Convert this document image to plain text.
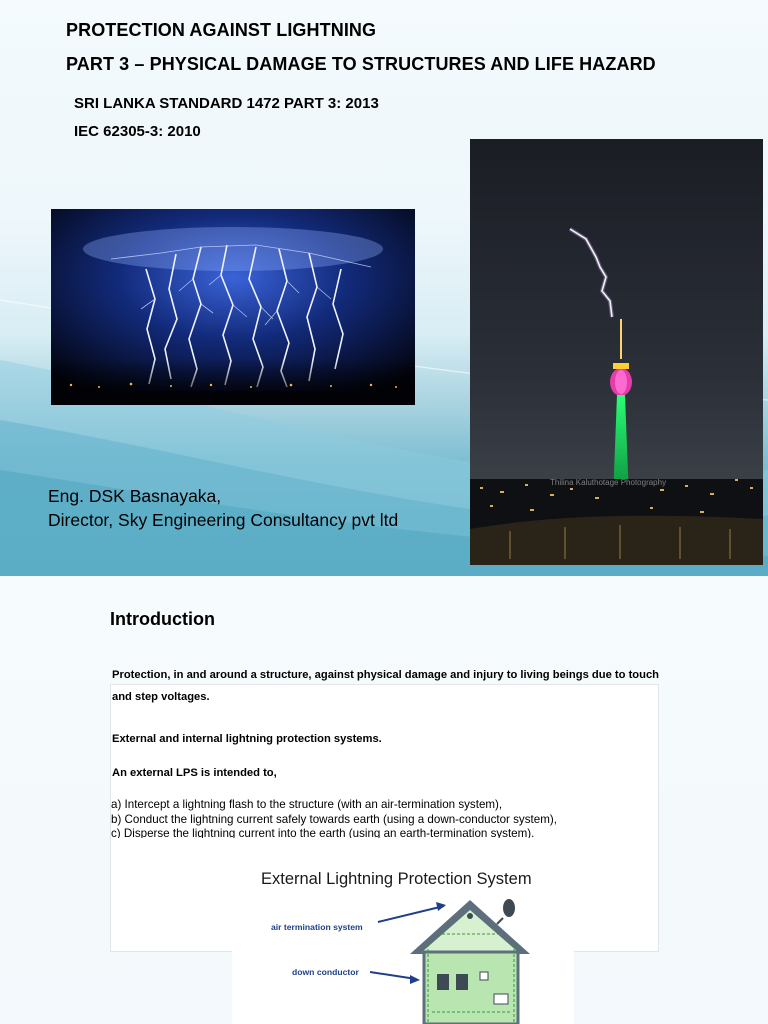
PROTECTION AGAINST LIGHTNING
PART 3 – PHYSICAL DAMAGE TO STRUCTURES AND LIFE HAZARD
SRI LANKA STANDARD 1472 PART 3: 2013
IEC 62305-3: 2010
Thilina Kaluthotage Photography
Eng. DSK Basnayaka,
Director, Sky Engineering Consultancy pvt ltd
Introduction
Protection, in and around a structure, against physical damage and injury to living beings due to touch and step voltages.
External and internal lightning protection systems.
An external LPS is intended to,
a) Intercept a lightning flash to the structure (with an air-termination system),
b) Conduct the lightning current safely towards earth (using a down-conductor system),
c) Disperse the lightning current into the earth (using an earth-termination system).
External Lightning Protection System
air termination system
down conductor
